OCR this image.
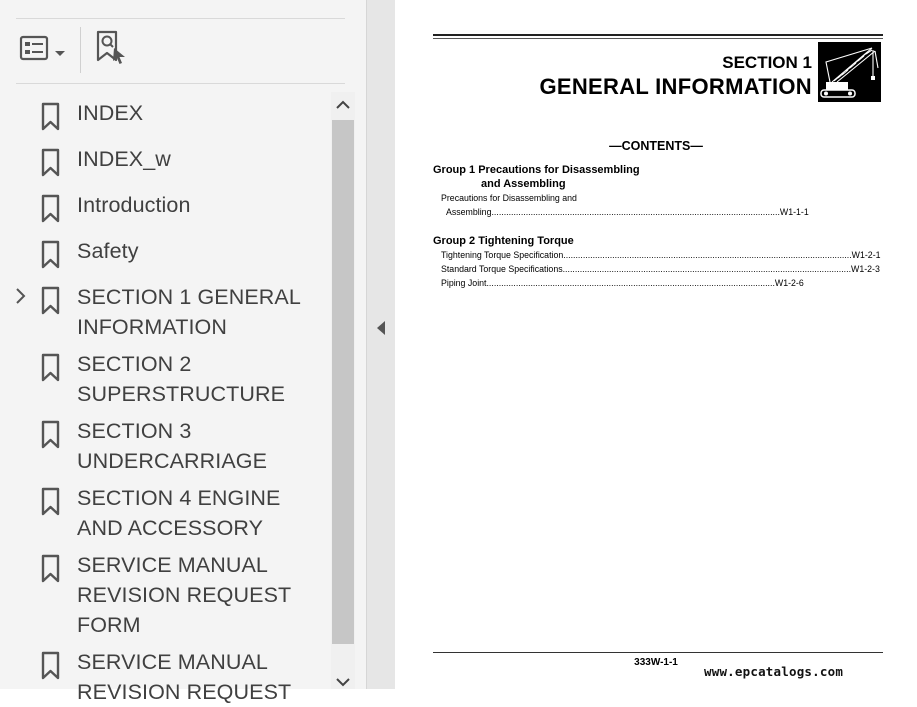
INDEX
INDEX_w
Introduction
Safety
SECTION 1 GENERAL INFORMATION
SECTION 2 SUPERSTRUCTURE
SECTION 3 UNDERCARRIAGE
SECTION 4 ENGINE AND ACCESSORY
SERVICE MANUAL REVISION REQUEST FORM
SERVICE MANUAL REVISION REQUEST
SECTION 1
GENERAL INFORMATION
—CONTENTS—
Group 1 Precautions for Disassembling
and Assembling
Precautions for Disassembling and
Assembling .....	W1-1-1
Group 2 Tightening Torque
Tightening Torque Specification .....	W1-2-1
Standard Torque Specifications .....	W1-2-3
Piping Joint .....	W1-2-6
333W-1-1
www.epcatalogs.com
